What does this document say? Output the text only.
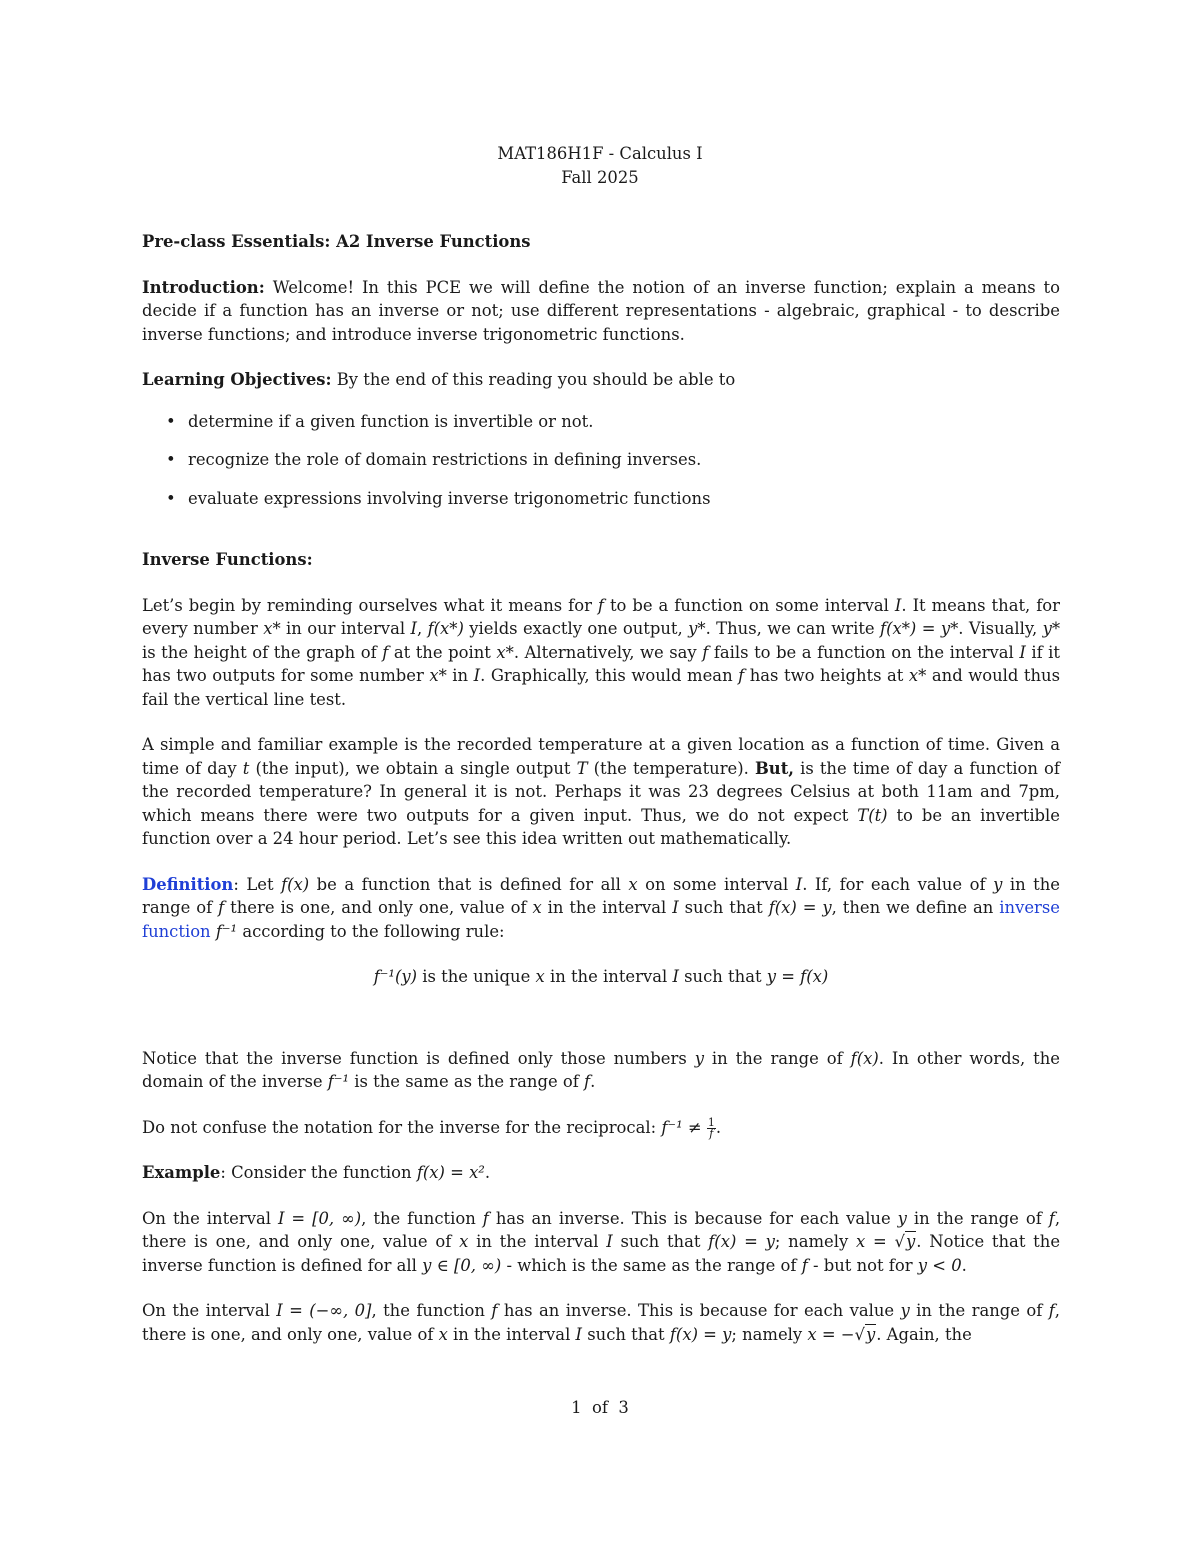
MAT186H1F - Calculus I
Fall 2025
Pre-class Essentials: A2 Inverse Functions

Introduction: Welcome! In this PCE we will define the notion of an inverse function; explain a means to decide if a function has an inverse or not; use different representations - algebraic, graphical - to describe inverse functions; and introduce inverse trigonometric functions.

Learning Objectives: By the end of this reading you should be able to

• determine if a given function is invertible or not.
• recognize the role of domain restrictions in defining inverses.
• evaluate expressions involving inverse trigonometric functions

Inverse Functions:

Let’s begin by reminding ourselves what it means for f to be a function on some interval I. It means that, for every number x* in our interval I, f(x*) yields exactly one output, y*. Thus, we can write f(x*) = y*. Visually, y* is the height of the graph of f at the point x*. Alternatively, we say f fails to be a function on the interval I if it has two outputs for some number x* in I. Graphically, this would mean f has two heights at x* and would thus fail the vertical line test.

A simple and familiar example is the recorded temperature at a given location as a function of time. Given a time of day t (the input), we obtain a single output T (the temperature). But, is the time of day a function of the recorded temperature? In general it is not. Perhaps it was 23 degrees Celsius at both 11am and 7pm, which means there were two outputs for a given input. Thus, we do not expect T(t) to be an invertible function over a 24 hour period. Let’s see this idea written out mathematically.

Definition: Let f(x) be a function that is defined for all x on some interval I. If, for each value of y in the range of f there is one, and only one, value of x in the interval I such that f(x) = y, then we define an inverse function f⁻¹ according to the following rule:

f⁻¹(y) is the unique x in the interval I such that y = f(x)

Notice that the inverse function is defined only those numbers y in the range of f(x). In other words, the domain of the inverse f⁻¹ is the same as the range of f.

Do not confuse the notation for the inverse for the reciprocal: $f^{-1} \ne \frac{1}{f}$ .

Example: Consider the function f(x) = x².

On the interval I = [0, ∞), the function f has an inverse. This is because for each value y in the range of f, there is one, and only one, value of x in the interval I such that f(x) = y; namely x = √y. Notice that the inverse function is defined for all y ∈ [0, ∞) - which is the same as the range of f - but not for y < 0.

On the interval I = (−∞, 0], the function f has an inverse. This is because for each value y in the range of f, there is one, and only one, value of x in the interval I such that f(x) = y; namely x = −√y. Again, the

1 of 3
